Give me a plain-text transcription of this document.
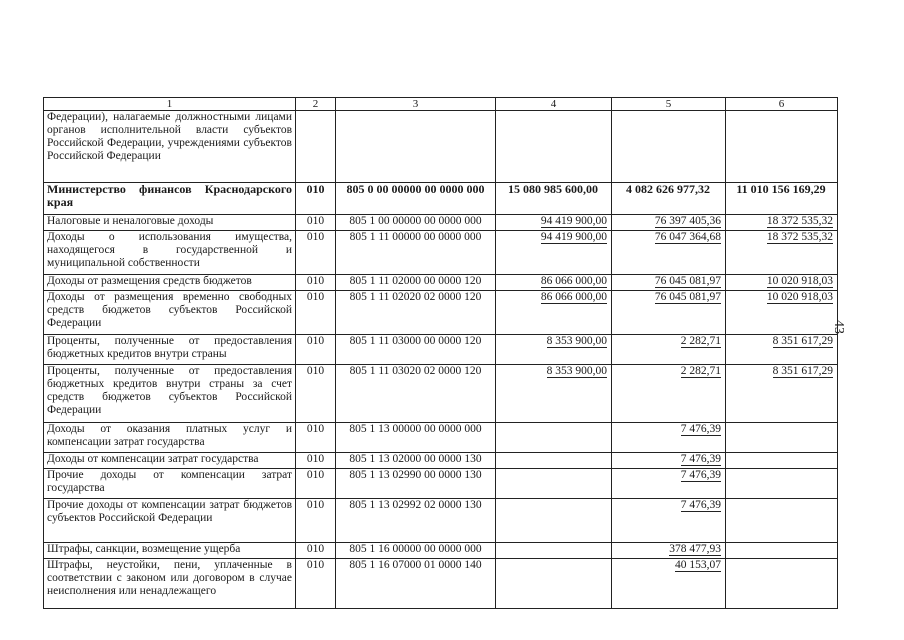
43
1	2	3	4	5	6
Федерации), налагаемые должностными лицами органов исполнительной власти субъектов Российской Федерации, учреждениями субъектов Российской Федерации					
Министерство финансов Краснодарского края	010	805 0 00 00000 00 0000 000	15 080 985 600,00	4 082 626 977,32	11 010 156 169,29
Налоговые и неналоговые доходы	010	805 1 00 00000 00 0000 000	94 419 900,00	76 397 405,36	18 372 535,32
Доходы о использования имущества, находящегося в государственной и муниципальной собственности	010	805 1 11 00000 00 0000 000	94 419 900,00	76 047 364,68	18 372 535,32
Доходы от размещения средств бюджетов	010	805 1 11 02000 00 0000 120	86 066 000,00	76 045 081,97	10 020 918,03
Доходы от размещения временно свободных средств бюджетов субъектов Российской Федерации	010	805 1 11 02020 02 0000 120	86 066 000,00	76 045 081,97	10 020 918,03
Проценты, полученные от предоставления бюджетных кредитов внутри страны	010	805 1 11 03000 00 0000 120	8 353 900,00	2 282,71	8 351 617,29
Проценты, полученные от предоставления бюджетных кредитов внутри страны за счет средств бюджетов субъектов Российской Федерации	010	805 1 11 03020 02 0000 120	8 353 900,00	2 282,71	8 351 617,29
Доходы от оказания платных услуг и компенсации затрат государства	010	805 1 13 00000 00 0000 000		7 476,39	
Доходы от компенсации затрат государства	010	805 1 13 02000 00 0000 130		7 476,39	
Прочие доходы от компенсации затрат государства	010	805 1 13 02990 00 0000 130		7 476,39	
Прочие доходы от компенсации затрат бюджетов субъектов Российской Федерации	010	805 1 13 02992 02 0000 130		7 476,39	
Штрафы, санкции, возмещение ущерба	010	805 1 16 00000 00 0000 000		378 477,93	
Штрафы, неустойки, пени, уплаченные в соответствии с законом или договором в случае неисполнения или ненадлежащего	010	805 1 16 07000 01 0000 140		40 153,07	
